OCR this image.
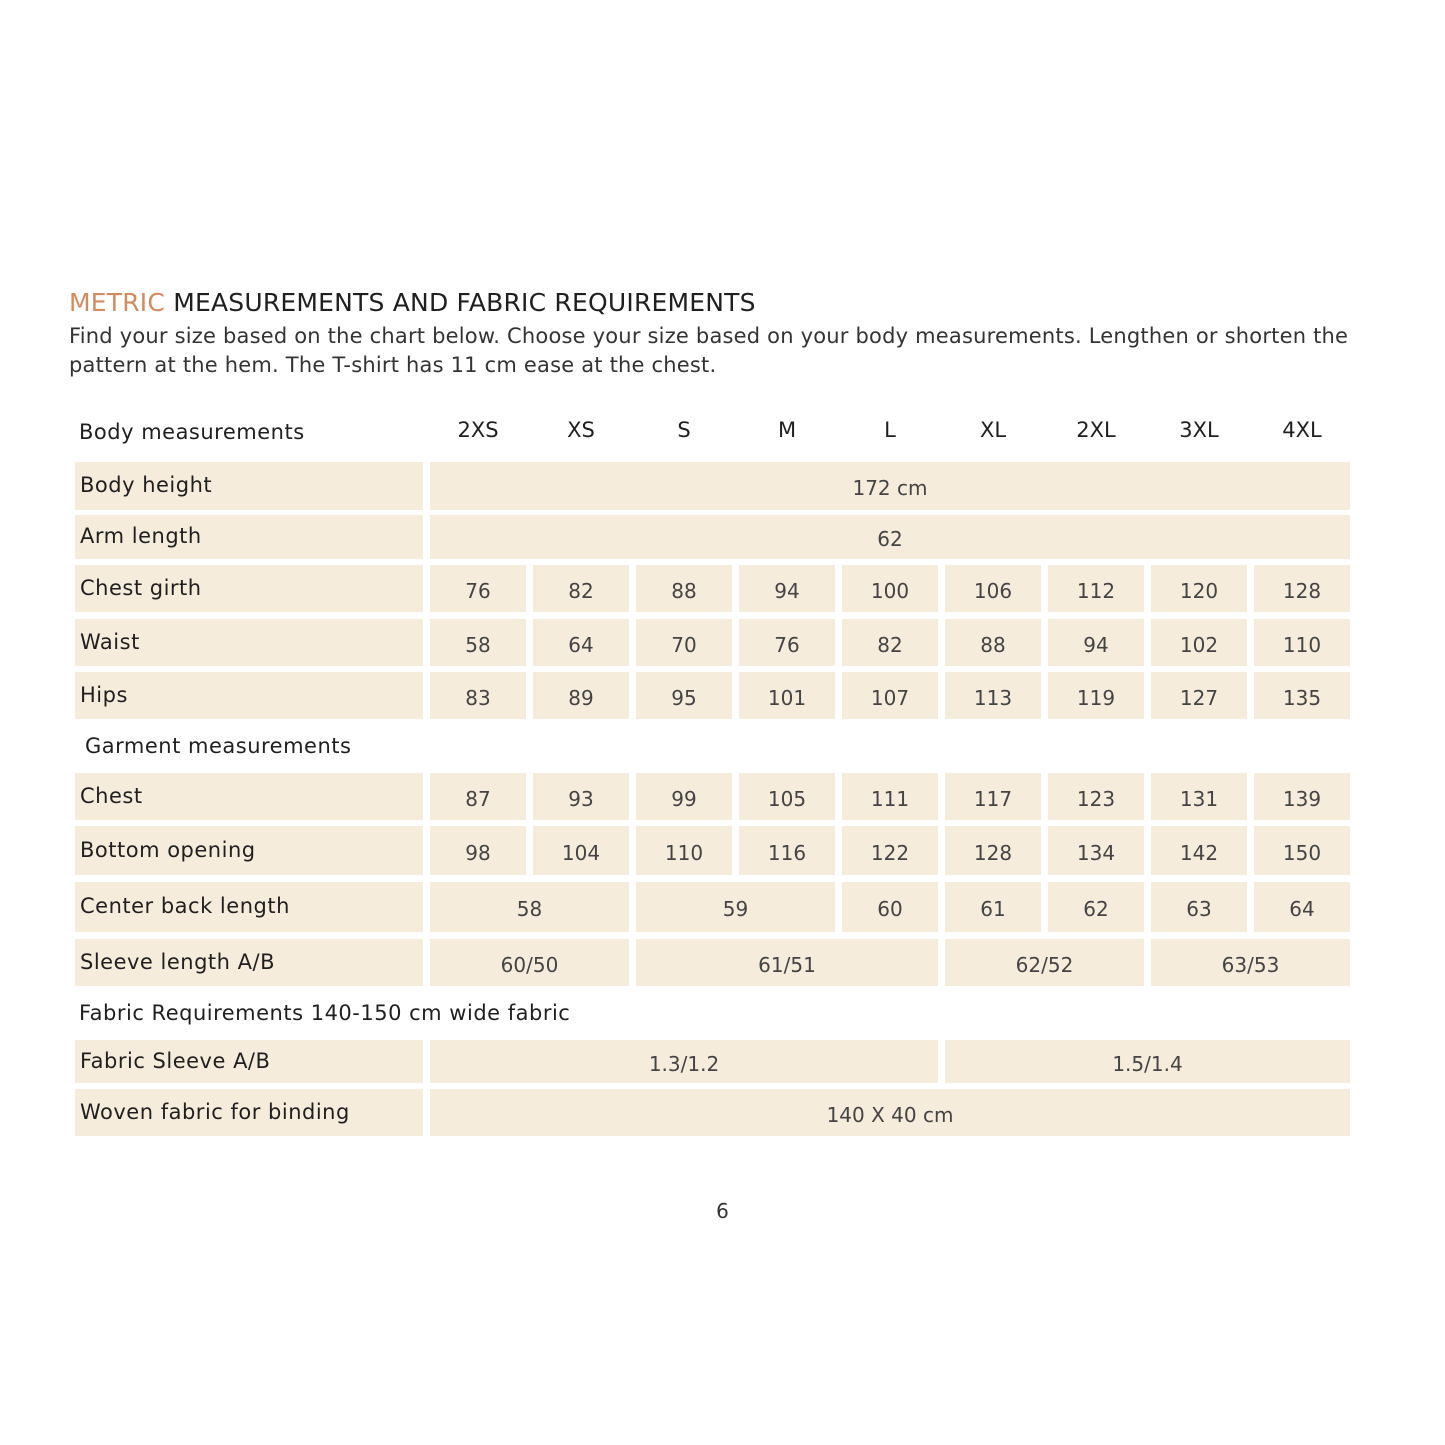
METRIC MEASUREMENTS AND FABRIC REQUIREMENTS

Find your size based on the chart below. Choose your size based on your body measurements. Lengthen or shorten the pattern at the hem. The T-shirt has 11 cm ease at the chest.

Body measurements	2XS	XS	S	M	L	XL	2XL	3XL	4XL
Body height	172 cm
Arm length	62
Chest girth	76	82	88	94	100	106	112	120	128
Waist	58	64	70	76	82	88	94	102	110
Hips	83	89	95	101	107	113	119	127	135
Garment measurements
Chest	87	93	99	105	111	117	123	131	139
Bottom opening	98	104	110	116	122	128	134	142	150
Center back length	58	59	60	61	62	63	64
Sleeve length A/B	60/50	61/51	62/52	63/53
Fabric Requirements 140-150 cm wide fabric
Fabric Sleeve A/B	1.3/1.2	1.5/1.4
Woven fabric for binding	140 X 40 cm
6
